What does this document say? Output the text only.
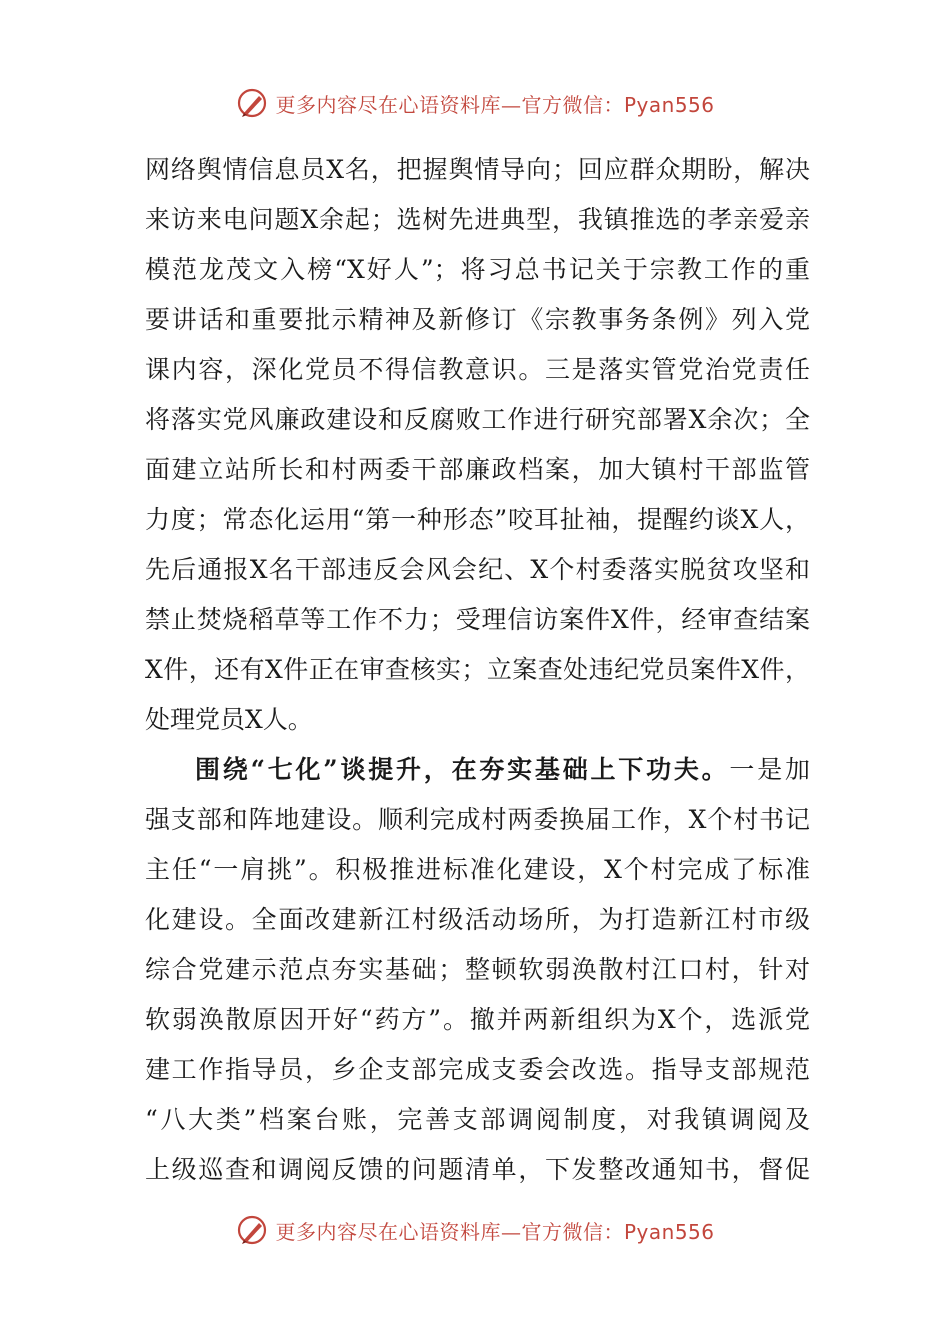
更多内容尽在心语资料库—官方微信：Pyan556
网络舆情信息员X名，把握舆情导向；回应群众期盼，解决
来访来电问题X余起；选树先进典型，我镇推选的孝亲爱亲
模范龙茂文入榜“X好人”；将习总书记关于宗教工作的重
要讲话和重要批示精神及新修订《宗教事务条例》列入党
课内容，深化党员不得信教意识。三是落实管党治党责任
将落实党风廉政建设和反腐败工作进行研究部署X余次；全
面建立站所长和村两委干部廉政档案，加大镇村干部监管
力度；常态化运用“第一种形态”咬耳扯袖，提醒约谈X人，
先后通报X名干部违反会风会纪、X个村委落实脱贫攻坚和
禁止焚烧稻草等工作不力；受理信访案件X件，经审查结案
X件，还有X件正在审查核实；立案查处违纪党员案件X件，
处理党员X人。
围绕“七化”谈提升，在夯实基础上下功夫。一是加
强支部和阵地建设。顺利完成村两委换届工作，X个村书记
主任“一肩挑”。积极推进标准化建设，X个村完成了标准
化建设。全面改建新江村级活动场所，为打造新江村市级
综合党建示范点夯实基础；整顿软弱涣散村江口村，针对
软弱涣散原因开好“药方”。撤并两新组织为X个，选派党
建工作指导员，乡企支部完成支委会改选。指导支部规范
“八大类”档案台账，完善支部调阅制度，对我镇调阅及
上级巡查和调阅反馈的问题清单，下发整改通知书，督促
更多内容尽在心语资料库—官方微信：Pyan556
